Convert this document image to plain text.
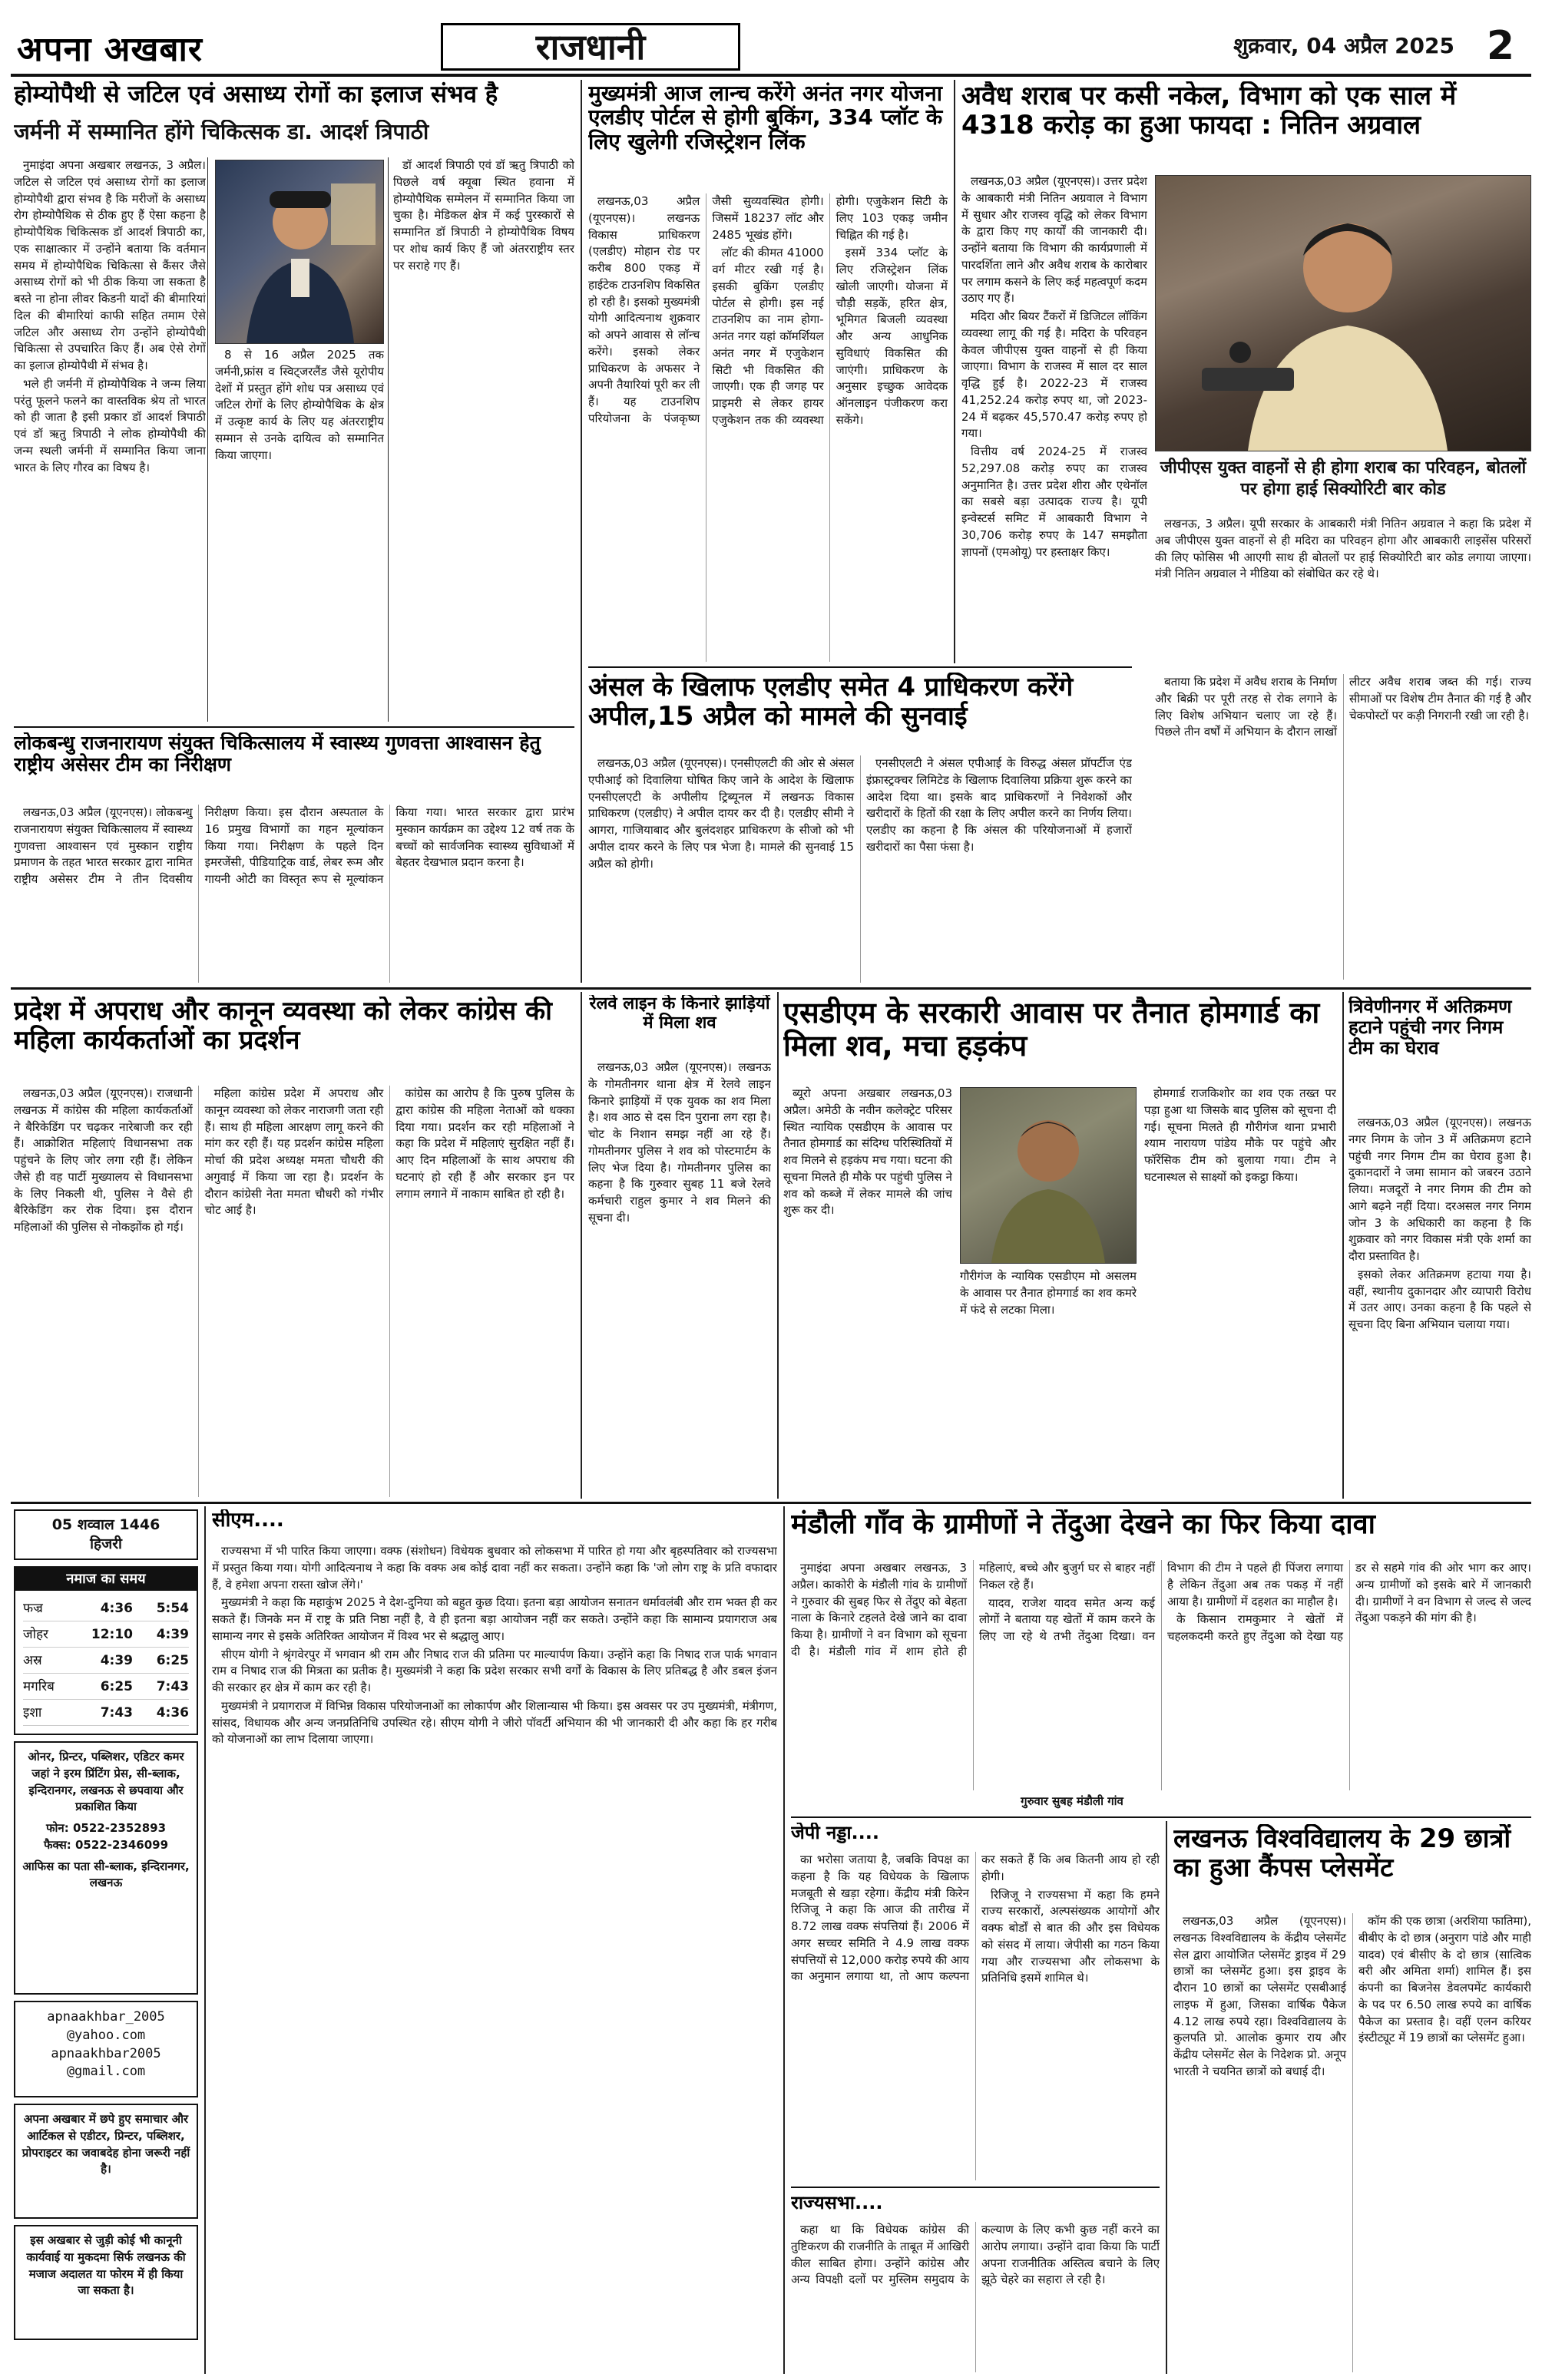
अपना अखबार	राजधानी	शुक्रवार, 04 अप्रैल 2025 2
होम्योपैथी से जटिल एवं असाध्य रोगों का इलाज संभव है
जर्मनी में सम्मानित होंगे चिकित्सक डा. आदर्श त्रिपाठी

नुमाइंदा अपना अखबार लखनऊ, 3 अप्रैल। जटिल से जटिल एवं असाध्य रोगों का इलाज होम्योपैथी द्वारा संभव है कि मरीजों के असाध्य रोग होम्योपैथिक से ठीक हुए हैं ऐसा कहना है होम्योपैथिक चिकित्सक डॉ आदर्श त्रिपाठी का, एक साक्षात्कार में उन्होंने बताया कि वर्तमान समय में होम्योपैथिक चिकित्सा से कैंसर जैसे असाध्य रोगों को भी ठीक किया जा सकता है बस्ते ना होना लीवर किडनी यादों की बीमारियां दिल की बीमारियां काफी सहित तमाम ऐसे जटिल और असाध्य रोग उन्होंने होम्योपैथी चिकित्सा से उपचारित किए हैं। अब ऐसे रोगों का इलाज होम्योपैथी में संभव है।

भले ही जर्मनी में होम्योपैथिक ने जन्म लिया परंतु फूलने फलने का वास्तविक श्रेय तो भारत को ही जाता है इसी प्रकार डॉ आदर्श त्रिपाठी एवं डॉ ऋतु त्रिपाठी ने लोक होम्योपैथी की जन्म स्थली जर्मनी में सम्मानित किया जाना भारत के लिए गौरव का विषय है।

8 से 16 अप्रैल 2025 तक जर्मनी,फ्रांस व स्विट्जरलैंड जैसे यूरोपीय देशों में प्रस्तुत होंगे शोध पत्र असाध्य एवं जटिल रोगों के लिए होम्योपैथिक के क्षेत्र में उत्कृष्ट कार्य के लिए यह अंतरराष्ट्रीय सम्मान से उनके दायित्व को सम्मानित किया जाएगा।

डॉ आदर्श त्रिपाठी एवं डॉ ऋतु त्रिपाठी को पिछले वर्ष क्यूबा स्थित हवाना में होम्योपैथिक सम्मेलन में सम्मानित किया जा चुका है। मेडिकल क्षेत्र में कई पुरस्कारों से सम्मानित डॉ त्रिपाठी ने होम्योपैथिक विषय पर शोध कार्य किए हैं जो अंतरराष्ट्रीय स्तर पर सराहे गए हैं।

लोकबन्धु राजनारायण संयुक्त चिकित्सालय में स्वास्थ्य गुणवत्ता आश्वासन हेतु राष्ट्रीय असेसर टीम का निरीक्षण

लखनऊ,03 अप्रैल (यूएनएस)। लोकबन्धु राजनारायण संयुक्त चिकित्सालय में स्वास्थ्य गुणवत्ता आश्वासन एवं मुस्कान राष्ट्रीय प्रमाणन के तहत भारत सरकार द्वारा नामित राष्ट्रीय असेसर टीम ने तीन दिवसीय निरीक्षण किया। इस दौरान अस्पताल के 16 प्रमुख विभागों का गहन मूल्यांकन किया गया। निरीक्षण के पहले दिन इमरजेंसी, पीडियाट्रिक वार्ड, लेबर रूम और गायनी ओटी का विस्तृत रूप से मूल्यांकन किया गया। भारत सरकार द्वारा प्रारंभ मुस्कान कार्यक्रम का उद्देश्य 12 वर्ष तक के बच्चों को सार्वजनिक स्वास्थ्य सुविधाओं में बेहतर देखभाल प्रदान करना है।

मुख्यमंत्री आज लान्च करेंगे अनंत नगर योजना एलडीए पोर्टल से होगी बुकिंग, 334 प्लॉट के लिए खुलेगी रजिस्ट्रेशन लिंक

लखनऊ,03 अप्रैल (यूएनएस)। लखनऊ विकास प्राधिकरण (एलडीए) मोहान रोड पर करीब 800 एकड़ में हाईटेक टाउनशिप विकसित हो रही है। इसको मुख्यमंत्री योगी आदित्यनाथ शुक्रवार को अपने आवास से लॉन्च करेंगे। इसको लेकर प्राधिकरण के अफसर ने अपनी तैयारियां पूरी कर ली हैं। यह टाउनशिप परियोजना के पंजकृष्ण जैसी सुव्यवस्थित होगी। जिसमें 18237 लॉट और 2485 भूखंड होंगे।

लॉट की कीमत 41000 वर्ग मीटर रखी गई है। इसकी बुकिंग एलडीए पोर्टल से होगी। इस नई टाउनशिप का नाम होगा-अनंत नगर यहां कॉमर्शियल अनंत नगर में एजुकेशन सिटी भी विकसित की जाएगी। एक ही जगह पर प्राइमरी से लेकर हायर एजुकेशन तक की व्यवस्था होगी। एजुकेशन सिटी के लिए 103 एकड़ जमीन चिह्नित की गई है।

इसमें 334 प्लॉट के लिए रजिस्ट्रेशन लिंक खोली जाएगी। योजना में चौड़ी सड़कें, हरित क्षेत्र, भूमिगत बिजली व्यवस्था और अन्य आधुनिक सुविधाएं विकसित की जाएंगी। प्राधिकरण के अनुसार इच्छुक आवेदक ऑनलाइन पंजीकरण करा सकेंगे।

अंसल के खिलाफ एलडीए समेत 4 प्राधिकरण करेंगे अपील,15 अप्रैल को मामले की सुनवाई

लखनऊ,03 अप्रैल (यूएनएस)। एनसीएलटी की ओर से अंसल एपीआई को दिवालिया घोषित किए जाने के आदेश के खिलाफ एनसीएलएटी के अपीलीय ट्रिब्यूनल में लखनऊ विकास प्राधिकरण (एलडीए) ने अपील दायर कर दी है। एलडीए सीमी ने आगरा, गाजियाबाद और बुलंदशहर प्राधिकरण के सीजो को भी अपील दायर करने के लिए पत्र भेजा है। मामले की सुनवाई 15 अप्रैल को होगी।

एनसीएलटी ने अंसल एपीआई के विरुद्ध अंसल प्रॉपर्टीज एंड इंफ्रास्ट्रक्चर लिमिटेड के खिलाफ दिवालिया प्रक्रिया शुरू करने का आदेश दिया था। इसके बाद प्राधिकरणों ने निवेशकों और खरीदारों के हितों की रक्षा के लिए अपील करने का निर्णय लिया। एलडीए का कहना है कि अंसल की परियोजनाओं में हजारों खरीदारों का पैसा फंसा है।

अवैध शराब पर कसी नकेल, विभाग को एक साल में 4318 करोड़ का हुआ फायदा : नितिन अग्रवाल

लखनऊ,03 अप्रैल (यूएनएस)। उत्तर प्रदेश के आबकारी मंत्री नितिन अग्रवाल ने विभाग में सुधार और राजस्व वृद्धि को लेकर विभाग के द्वारा किए गए कार्यों की जानकारी दी। उन्होंने बताया कि विभाग की कार्यप्रणाली में पारदर्शिता लाने और अवैध शराब के कारोबार पर लगाम कसने के लिए कई महत्वपूर्ण कदम उठाए गए हैं।

मदिरा और बियर टैंकरों में डिजिटल लॉकिंग व्यवस्था लागू की गई है। मदिरा के परिवहन केवल जीपीएस युक्त वाहनों से ही किया जाएगा। विभाग के राजस्व में साल दर साल वृद्धि हुई है। 2022-23 में राजस्व 41,252.24 करोड़ रुपए था, जो 2023-24 में बढ़कर 45,570.47 करोड़ रुपए हो गया।

वित्तीय वर्ष 2024-25 में राजस्व 52,297.08 करोड़ रुपए का राजस्व अनुमानित है। उत्तर प्रदेश शीरा और एथेनॉल का सबसे बड़ा उत्पादक राज्य है। यूपी इन्वेस्टर्स समिट में आबकारी विभाग ने 30,706 करोड़ रुपए के 147 समझौता ज्ञापनों (एमओयू) पर हस्ताक्षर किए।

जीपीएस युक्त वाहनों से ही होगा शराब का परिवहन, बोतलों पर होगा हाई सिक्योरिटी बार कोड

लखनऊ, 3 अप्रैल। यूपी सरकार के आबकारी मंत्री नितिन अग्रवाल ने कहा कि प्रदेश में अब जीपीएस युक्त वाहनों से ही मदिरा का परिवहन होगा और आबकारी लाइसेंस परिसरों की लिए फोसिस भी आएगी साथ ही बोतलों पर हाई सिक्योरिटी बार कोड लगाया जाएगा। मंत्री नितिन अग्रवाल ने मीडिया को संबोधित कर रहे थे।

बताया कि प्रदेश में अवैध शराब के निर्माण और बिक्री पर पूरी तरह से रोक लगाने के लिए विशेष अभियान चलाए जा रहे हैं। पिछले तीन वर्षों में अभियान के दौरान लाखों लीटर अवैध शराब जब्त की गई। राज्य सीमाओं पर विशेष टीम तैनात की गई है और चेकपोस्टों पर कड़ी निगरानी रखी जा रही है।

प्रदेश में अपराध और कानून व्यवस्था को लेकर कांग्रेस की महिला कार्यकर्ताओं का प्रदर्शन

लखनऊ,03 अप्रैल (यूएनएस)। राजधानी लखनऊ में कांग्रेस की महिला कार्यकर्ताओं ने बैरिकेडिंग पर चढ़कर नारेबाजी कर रही हैं। आक्रोशित महिलाएं विधानसभा तक पहुंचने के लिए जोर लगा रही हैं। लेकिन जैसे ही वह पार्टी मुख्यालय से विधानसभा के लिए निकली थी, पुलिस ने वैसे ही बैरिकेडिंग कर रोक दिया। इस दौरान महिलाओं की पुलिस से नोकझोंक हो गई।

महिला कांग्रेस प्रदेश में अपराध और कानून व्यवस्था को लेकर नाराजगी जता रही हैं। साथ ही महिला आरक्षण लागू करने की मांग कर रही हैं। यह प्रदर्शन कांग्रेस महिला मोर्चा की प्रदेश अध्यक्ष ममता चौधरी की अगुवाई में किया जा रहा है। प्रदर्शन के दौरान कांग्रेसी नेता ममता चौधरी को गंभीर चोट आई है।

कांग्रेस का आरोप है कि पुरुष पुलिस के द्वारा कांग्रेस की महिला नेताओं को धक्का दिया गया। प्रदर्शन कर रही महिलाओं ने कहा कि प्रदेश में महिलाएं सुरक्षित नहीं हैं। आए दिन महिलाओं के साथ अपराध की घटनाएं हो रही हैं और सरकार इन पर लगाम लगाने में नाकाम साबित हो रही है।

रेलवे लाइन के किनारे झाड़ियों में मिला शव

लखनऊ,03 अप्रैल (यूएनएस)। लखनऊ के गोमतीनगर थाना क्षेत्र में रेलवे लाइन किनारे झाड़ियों में एक युवक का शव मिला है। शव आठ से दस दिन पुराना लग रहा है। चोट के निशान समझ नहीं आ रहे हैं। गोमतीनगर पुलिस ने शव को पोस्टमार्टम के लिए भेज दिया है। गोमतीनगर पुलिस का कहना है कि गुरुवार सुबह 11 बजे रेलवे कर्मचारी राहुल कुमार ने शव मिलने की सूचना दी।

एसडीएम के सरकारी आवास पर तैनात होमगार्ड का मिला शव, मचा हड़कंप

ब्यूरो अपना अखबार लखनऊ,03 अप्रैल। अमेठी के नवीन कलेक्ट्रेट परिसर स्थित न्यायिक एसडीएम के आवास पर तैनात होमगार्ड का संदिग्ध परिस्थितियों में शव मिलने से हड़कंप मच गया। घटना की सूचना मिलते ही मौके पर पहुंची पुलिस ने शव को कब्जे में लेकर मामले की जांच शुरू कर दी।

गौरीगंज के न्यायिक एसडीएम मो असलम के आवास पर तैनात होमगार्ड का शव कमरे में फंदे से लटका मिला।

होमगार्ड राजकिशोर का शव एक तख्त पर पड़ा हुआ था जिसके बाद पुलिस को सूचना दी गई। सूचना मिलते ही गौरीगंज थाना प्रभारी श्याम नारायण पांडेय मौके पर पहुंचे और फॉरेंसिक टीम को बुलाया गया। टीम ने घटनास्थल से साक्ष्यों को इकट्ठा किया।

त्रिवेणीनगर में अतिक्रमण हटाने पहुंची नगर निगम टीम का घेराव

लखनऊ,03 अप्रैल (यूएनएस)। लखनऊ नगर निगम के जोन 3 में अतिक्रमण हटाने पहुंची नगर निगम टीम का घेराव हुआ है। दुकानदारों ने जमा सामान को जबरन उठाने लिया। मजदूरों ने नगर निगम की टीम को आगे बढ़ने नहीं दिया। दरअसल नगर निगम जोन 3 के अधिकारी का कहना है कि शुक्रवार को नगर विकास मंत्री एके शर्मा का दौरा प्रस्तावित है।

इसको लेकर अतिक्रमण हटाया गया है। वहीं, स्थानीय दुकानदार और व्यापारी विरोध में उतर आए। उनका कहना है कि पहले से सूचना दिए बिना अभियान चलाया गया।

05 शव्वाल 1446 हिजरी
नमाज का समय
फज्र	4:36	5:54
जोहर	12:10	4:39
अस्र	4:39	6:25
मगरिब	6:25	7:43
इशा	7:43	4:36
ओनर, प्रिन्टर, पब्लिशर, एडिटर कमर जहां ने इरम प्रिंटिंग प्रेस, सी-ब्लाक, इन्दिरानगर, लखनऊ से छपवाया और प्रकाशित किया
फोन: 0522-2352893
फैक्स: 0522-2346099
आफिस का पता सी-ब्लाक, इन्दिरानगर, लखनऊ
apnaakhbar_2005
@yahoo.com
apnaakhbar2005
@gmail.com
अपना अखबार में छपे हुए समाचार और आर्टिकल से एडीटर, प्रिन्टर, पब्लिशर, प्रोपराइटर का जवाबदेह होना जरूरी नहीं है।
इस अखबार से जुड़ी कोई भी कानूनी कार्यवाई या मुकदमा सिर्फ लखनऊ की मजाज अदालत या फोरम में ही किया जा सकता है।
सीएम....

राज्यसभा में भी पारित किया जाएगा। वक्फ (संशोधन) विधेयक बुधवार को लोकसभा में पारित हो गया और बृहस्पतिवार को राज्यसभा में प्रस्तुत किया गया। योगी आदित्यनाथ ने कहा कि वक्फ अब कोई दावा नहीं कर सकता। उन्होंने कहा कि 'जो लोग राष्ट्र के प्रति वफादार हैं, वे हमेशा अपना रास्ता खोज लेंगे।'

मुख्यमंत्री ने कहा कि महाकुंभ 2025 ने देश-दुनिया को बहुत कुछ दिया। इतना बड़ा आयोजन सनातन धर्मावलंबी और राम भक्त ही कर सकते हैं। जिनके मन में राष्ट्र के प्रति निष्ठा नहीं है, वे ही इतना बड़ा आयोजन नहीं कर सकते। उन्होंने कहा कि सामान्य प्रयागराज अब सामान्य नगर से इसके अतिरिक्त आयोजन में विश्व भर से श्रद्धालु आए।

सीएम योगी ने श्रृंगवेरपुर में भगवान श्री राम और निषाद राज की प्रतिमा पर माल्यार्पण किया। उन्होंने कहा कि निषाद राज पार्क भगवान राम व निषाद राज की मित्रता का प्रतीक है। मुख्यमंत्री ने कहा कि प्रदेश सरकार सभी वर्गों के विकास के लिए प्रतिबद्ध है और डबल इंजन की सरकार हर क्षेत्र में काम कर रही है।

मुख्यमंत्री ने प्रयागराज में विभिन्न विकास परियोजनाओं का लोकार्पण और शिलान्यास भी किया। इस अवसर पर उप मुख्यमंत्री, मंत्रीगण, सांसद, विधायक और अन्य जनप्रतिनिधि उपस्थित रहे। सीएम योगी ने जीरो पॉवर्टी अभियान की भी जानकारी दी और कहा कि हर गरीब को योजनाओं का लाभ दिलाया जाएगा।

मंडौली गाँव के ग्रामीणों ने तेंदुआ देखने का फिर किया दावा

नुमाइंदा अपना अखबार लखनऊ, 3 अप्रैल। काकोरी के मंडौली गांव के ग्रामीणों ने गुरुवार की सुबह फिर से तेंदुए को बेहता नाला के किनारे टहलते देखे जाने का दावा किया है। ग्रामीणों ने वन विभाग को सूचना दी है। मंडौली गांव में शाम होते ही महिलाएं, बच्चे और बुजुर्ग घर से बाहर नहीं निकल रहे हैं।

यादव, राजेश यादव समेत अन्य कई लोगों ने बताया यह खेतों में काम करने के लिए जा रहे थे तभी तेंदुआ दिखा। वन विभाग की टीम ने पहले ही पिंजरा लगाया है लेकिन तेंदुआ अब तक पकड़ में नहीं आया है। ग्रामीणों में दहशत का माहौल है।

के किसान रामकुमार ने खेतों में चहलकदमी करते हुए तेंदुआ को देखा यह डर से सहमे गांव की ओर भाग कर आए। अन्य ग्रामीणों को इसके बारे में जानकारी दी। ग्रामीणों ने वन विभाग से जल्द से जल्द तेंदुआ पकड़ने की मांग की है।

गुरुवार सुबह मंडौली गांव
जेपी नड्डा....

का भरोसा जताया है, जबकि विपक्ष का कहना है कि यह विधेयक के खिलाफ मजबूती से खड़ा रहेगा। केंद्रीय मंत्री किरेन रिजिजू ने कहा कि आज की तारीख में 8.72 लाख वक्फ संपत्तियां हैं। 2006 में अगर सच्चर समिति ने 4.9 लाख वक्फ संपत्तियों से 12,000 करोड़ रुपये की आय का अनुमान लगाया था, तो आप कल्पना कर सकते हैं कि अब कितनी आय हो रही होगी।

रिजिजू ने राज्यसभा में कहा कि हमने राज्य सरकारों, अल्पसंख्यक आयोगों और वक्फ बोर्डों से बात की और इस विधेयक को संसद में लाया। जेपीसी का गठन किया गया और राज्यसभा और लोकसभा के प्रतिनिधि इसमें शामिल थे।

राज्यसभा....

कहा था कि विधेयक कांग्रेस की तुष्टिकरण की राजनीति के ताबूत में आखिरी कील साबित होगा। उन्होंने कांग्रेस और अन्य विपक्षी दलों पर मुस्लिम समुदाय के कल्याण के लिए कभी कुछ नहीं करने का आरोप लगाया। उन्होंने दावा किया कि पार्टी अपना राजनीतिक अस्तित्व बचाने के लिए झूठे चेहरे का सहारा ले रही है।

लखनऊ विश्वविद्यालय के 29 छात्रों का हुआ कैंपस प्लेसमेंट

लखनऊ,03 अप्रैल (यूएनएस)। लखनऊ विश्वविद्यालय के केंद्रीय प्लेसमेंट सेल द्वारा आयोजित प्लेसमेंट ड्राइव में 29 छात्रों का प्लेसमेंट हुआ। इस ड्राइव के दौरान 10 छात्रों का प्लेसमेंट एसबीआई लाइफ में हुआ, जिसका वार्षिक पैकेज 4.12 लाख रुपये रहा। विश्वविद्यालय के कुलपति प्रो. आलोक कुमार राय और केंद्रीय प्लेसमेंट सेल के निदेशक प्रो. अनूप भारती ने चयनित छात्रों को बधाई दी।

कॉम की एक छात्रा (अरशिया फातिमा), बीबीए के दो छात्र (अनुराग पांडे और माही यादव) एवं बीसीए के दो छात्र (सात्विक बरी और अमिता शर्मा) शामिल हैं। इस कंपनी का बिजनेस डेवलपमेंट कार्यकारी के पद पर 6.50 लाख रुपये का वार्षिक पैकेज का प्रस्ताव है। वहीं एलन करियर इंस्टीट्यूट में 19 छात्रों का प्लेसमेंट हुआ।
